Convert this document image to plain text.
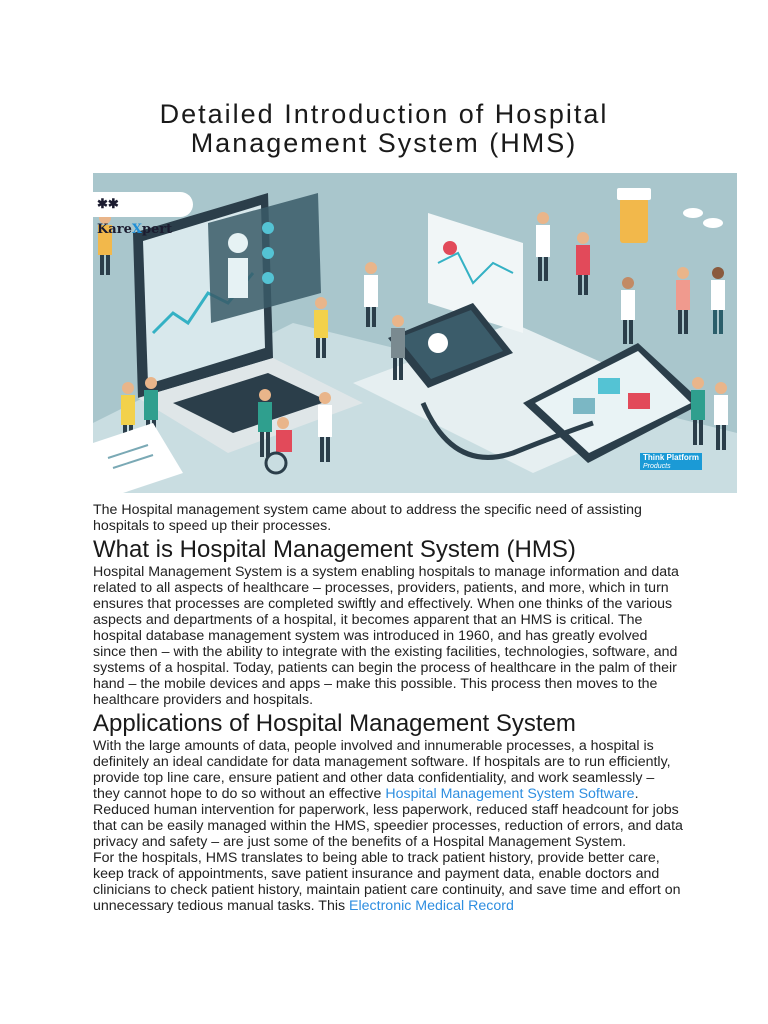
Detailed Introduction of Hospital
Management System (HMS)
✱✱ KareXpert
Think Platform
Products

The Hospital management system came about to address the specific need of assisting hospitals to speed up their processes.

What is Hospital Management System (HMS)

Hospital Management System is a system enabling hospitals to manage information and data related to all aspects of healthcare – processes, providers, patients, and more, which in turn ensures that processes are completed swiftly and effectively. When one thinks of the various aspects and departments of a hospital, it becomes apparent that an HMS is critical. The hospital database management system was introduced in 1960, and has greatly evolved since then – with the ability to integrate with the existing facilities, technologies, software, and systems of a hospital. Today, patients can begin the process of healthcare in the palm of their hand – the mobile devices and apps – make this possible. This process then moves to the healthcare providers and hospitals.

Applications of Hospital Management System

With the large amounts of data, people involved and innumerable processes, a hospital is definitely an ideal candidate for data management software. If hospitals are to run efficiently, provide top line care, ensure patient and other data confidentiality, and work seamlessly – they cannot hope to do so without an effective Hospital Management System Software. Reduced human intervention for paperwork, less paperwork, reduced staff headcount for jobs that can be easily managed within the HMS, speedier processes, reduction of errors, and data privacy and safety – are just some of the benefits of a Hospital Management System.

For the hospitals, HMS translates to being able to track patient history, provide better care, keep track of appointments, save patient insurance and payment data, enable doctors and clinicians to check patient history, maintain patient care continuity, and save time and effort on unnecessary tedious manual tasks. This Electronic Medical Record
